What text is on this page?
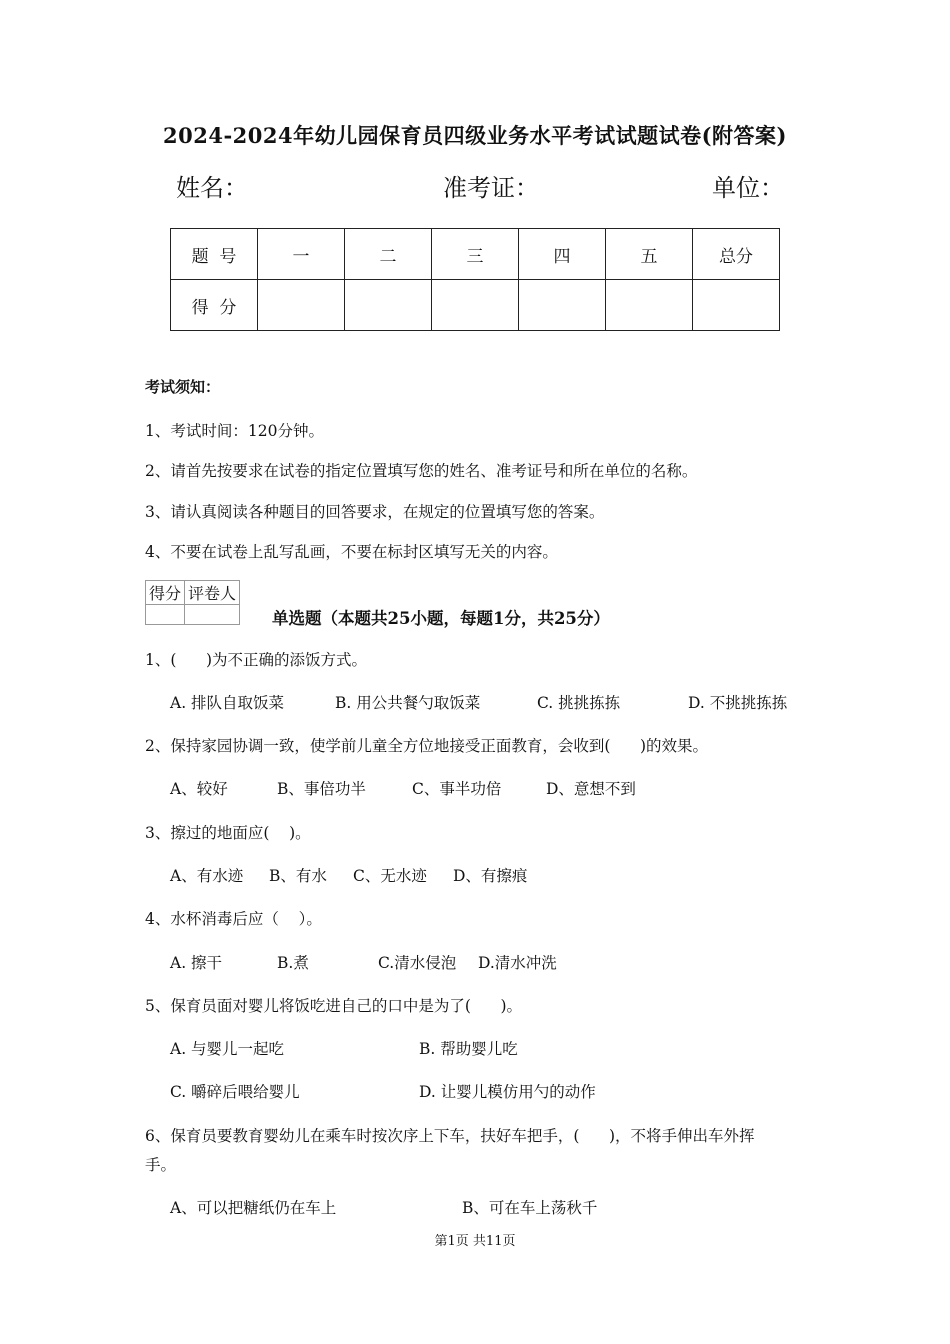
2024-2024年幼儿园保育员四级业务水平考试试题试卷(附答案)
姓名：	准考证：	单位：
题  号	一	二	三	四	五	总分
得  分						
考试须知：
1、考试时间：120分钟。
2、请首先按要求在试卷的指定位置填写您的姓名、准考证号和所在单位的名称。
3、请认真阅读各种题目的回答要求，在规定的位置填写您的答案。
4、不要在试卷上乱写乱画，不要在标封区填写无关的内容。
得分	评卷人

单选题（本题共25小题，每题1分，共25分）
1、(      )为不正确的添饭方式。
A. 排队自取饭菜	B. 用公共餐勺取饭菜	C. 挑挑拣拣	D. 不挑挑拣拣
2、保持家园协调一致，使学前儿童全方位地接受正面教育，会收到(      )的效果。
A、较好	B、事倍功半	C、事半功倍	D、意想不到
3、擦过的地面应(    )。
A、有水迹 B、有水 C、无水迹 D、有擦痕
4、水杯消毒后应（    ）。
A. 擦干	B.煮	C.清水侵泡 D.清水冲洗
5、保育员面对婴儿将饭吃进自己的口中是为了(      )。
A. 与婴儿一起吃	B. 帮助婴儿吃
C. 嚼碎后喂给婴儿	D. 让婴儿模仿用勺的动作
6、保育员要教育婴幼儿在乘车时按次序上下车，扶好车把手，(      )，不将手伸出车外挥
手。
A、可以把糖纸仍在车上	B、可在车上荡秋千
第1页 共11页
